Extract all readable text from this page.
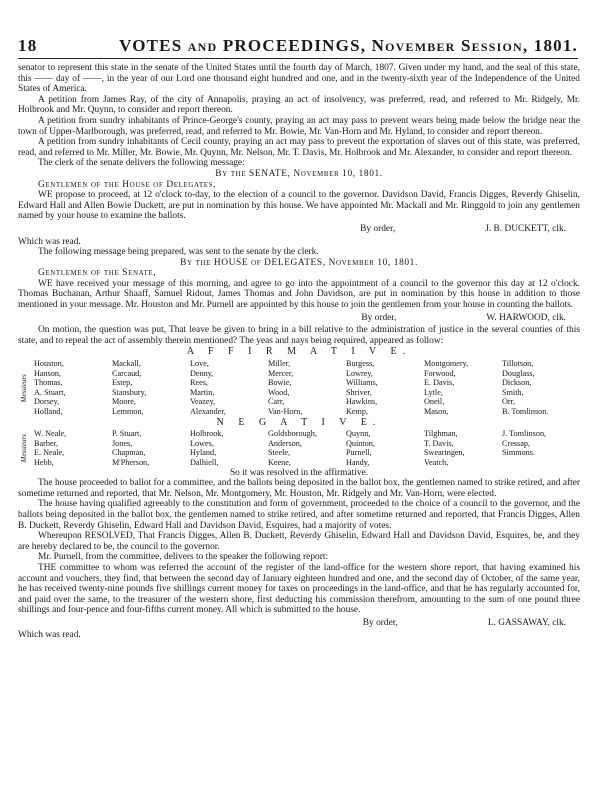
18	VOTES and PROCEEDINGS, November Session, 1801.

senator to represent this state in the senate of the United States until the fourth day of March, 1807. Given under my hand, and the seal of this state, this —— day of ——, in the year of our Lord one thousand eight hundred and one, and in the twenty-sixth year of the Independence of the United States of America.

A petition from James Ray, of the city of Annapolis, praying an act of insolvency, was preferred, read, and referred to Mr. Ridgely, Mr. Holbrook and Mr. Quynn, to consider and report thereon.

A petition from sundry inhabitants of Prince-George's county, praying an act may pass to prevent wears being made below the bridge near the town of Upper-Marlborough, was preferred, read, and referred to Mr. Bowie, Mr. Van-Horn and Mr. Hyland, to consider and report thereon.

A petition from sundry inhabitants of Cecil county, praying an act may pass to prevent the exportation of slaves out of this state, was preferred, read, and referred to Mr. Miller, Mr. Bowie, Mr. Quynn, Mr. Nelson, Mr. T. Davis, Mr. Holbrook and Mr. Alexander, to consider and report thereon.

The clerk of the senate delivers the following message:

By the SENATE, November 10, 1801.

Gentlemen of the House of Delegates,

WE propose to proceed, at 12 o'clock to-day, to the election of a council to the governor. Davidson David, Francis Digges, Reverdy Ghiselin, Edward Hall and Allen Bowie Duckett, are put in nomination by this house. We have appointed Mr. Mackall and Mr. Ringgold to join any gentlemen named by your house to examine the ballots.

By order,	J. B. DUCKETT, clk.

Which was read.

The following message being prepared, was sent to the senate by the clerk.

By the HOUSE of DELEGATES, November 10, 1801.

Gentlemen of the Senate,

WE have received your message of this morning, and agree to go into the appointment of a council to the governor this day at 12 o'clock. Thomas Buchanan, Arthur Shaaff, Samuel Ridout, James Thomas and John Davidson, are put in nomination by this house in addition to those mentioned in your message. Mr. Houston and Mr. Purnell are appointed by this house to join the gentlemen from your house in counting the ballots.

By order,	W. HARWOOD, clk.

On motion, the question was put, That leave be given to bring in a bill relative to the administration of justice in the several counties of this state, and to repeal the act of assembly therein mentioned? The yeas and nays being required, appeared as follow:

A F F I R M A T I V E.
Messieurs
Houston,	Mackall,	Love,	Miller,	Burgess,	Montgomery,	Tillotson,
Hanson,	Carcaud,	Denny,	Mercer,	Lowrey,	Forwood,	Douglass,
Thomas,	Estep,	Rees,	Bowie,	Williams,	E. Davis,	Dickson,
A. Stuart,	Stansbury,	Martin,	Wood,	Shriver,	Lytle,	Smith,
Dorsey,	Moore,	Veazey,	Carr,	Hawkins,	Oneil,	Orr,
Holland,	Lemmon,	Alexander,	Van-Horn,	Kemp,	Mason,	B. Tomlinson.
N E G A T I V E.
Messieurs
W. Neale,	P. Stuart,	Holbrook,	Goldsborough,	Quynn,	Tilghman,	J. Tomlinson,
Barber,	Jones,	Lowes,	Anderson,	Quinton,	T. Davis,	Cressap,
E. Neale,	Chapman,	Hyland,	Steele,	Purnell,	Swearingen,	Simmons.
Hebb,	M'Pherson,	Dalhiell,	Keene,	Handy,	Veatch,

So it was resolved in the affirmative.

The house proceeded to ballot for a committee, and the ballots being deposited in the ballot box, the gentlemen named to strike retired, and after sometime returned and reported, that Mr. Nelson, Mr. Montgomery, Mr. Houston, Mr. Ridgely and Mr. Van-Horn, were elected.

The house having qualified agreeably to the constitution and form of government, proceeded to the choice of a council to the governor, and the ballots being deposited in the ballot box, the gentlemen named to strike retired, and after sometime returned and reported, that Francis Digges, Allen B. Duckett, Reverdy Ghiselin, Edward Hall and Davidson David, Esquires, had a majority of votes.

Whereupon RESOLVED, That Francis Digges, Allen B. Duckett, Reverdy Ghiselin, Edward Hall and Davidson David, Esquires, be, and they are hereby declared to be, the council to the governor.

Mr. Purnell, from the committee, delivers to the speaker the following report:

THE committee to whom was referred the account of the register of the land-office for the western shore report, that having examined his account and vouchers, they find, that between the second day of January eighteen hundred and one, and the second day of October, of the same year, he has received twenty-nine pounds five shillings current money for taxes on proceedings in the land-office, and that he has regularly accounted for, and paid over the same, to the treasurer of the western shore, first deducting his commission therefrom, amounting to the sum of one pound three shillings and four-pence and four-fifths current money. All which is submitted to the house.

By order,	L. GASSAWAY, clk.

Which was read.
